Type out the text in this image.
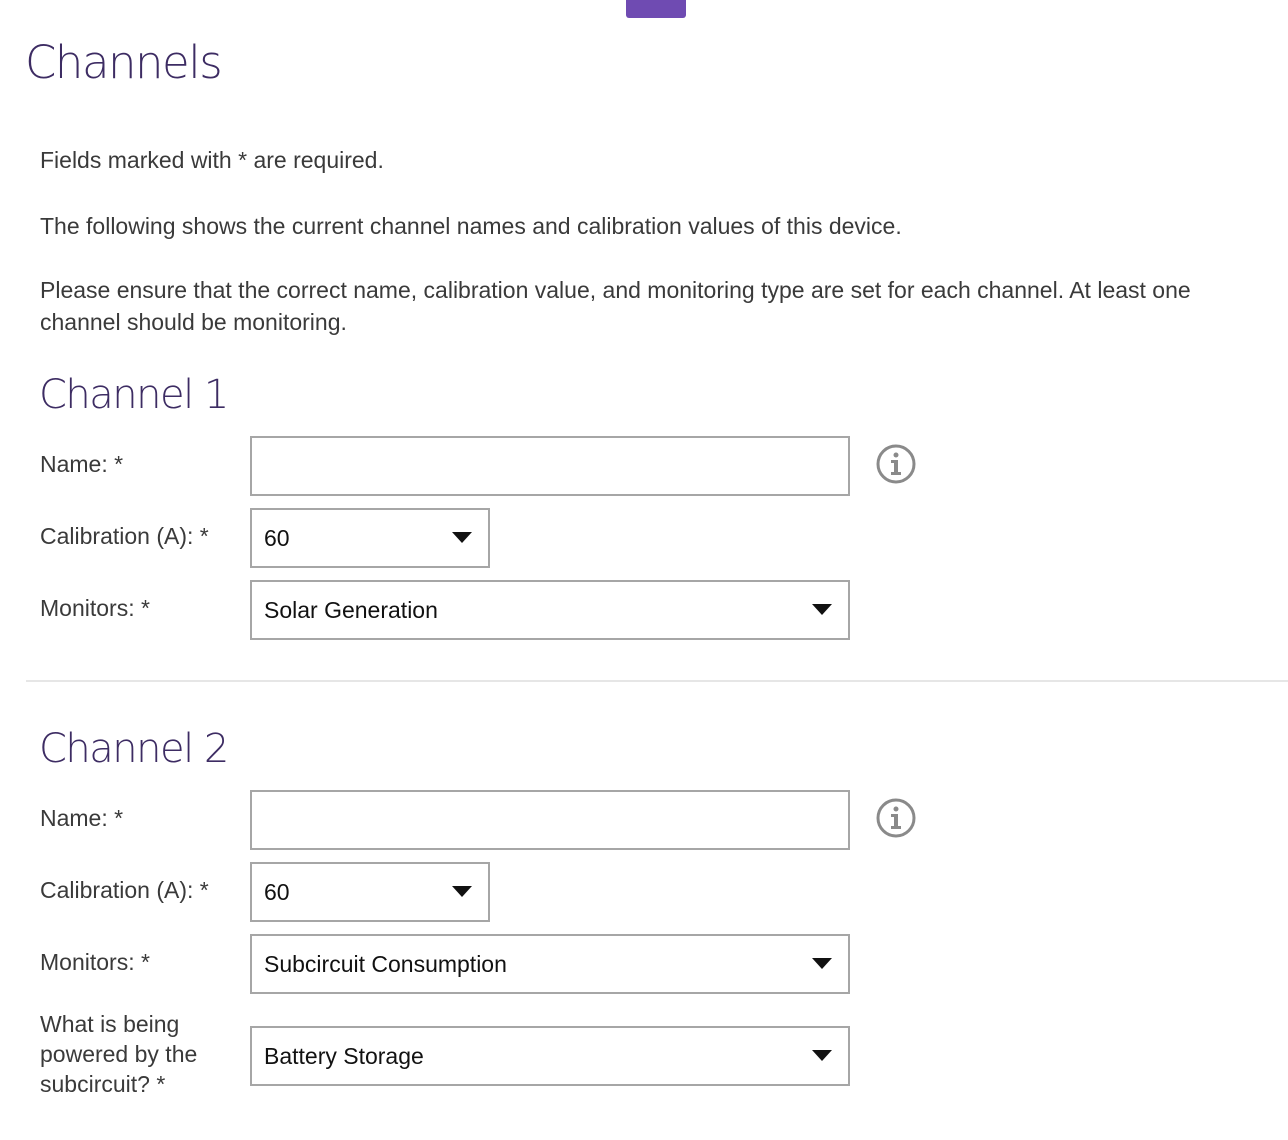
Channels

Fields marked with * are required.

The following shows the current channel names and calibration values of this device.

Please ensure that the correct name, calibration value, and monitoring type are set for each channel. At least one channel should be monitoring.

Channel 1
Name: *
Calibration (A): * 60
Monitors: *	Solar Generation
Channel 2
Name: *
Calibration (A): * 60
Monitors: *	Subcircuit Consumption
What is being powered by the subcircuit? *
Battery Storage
